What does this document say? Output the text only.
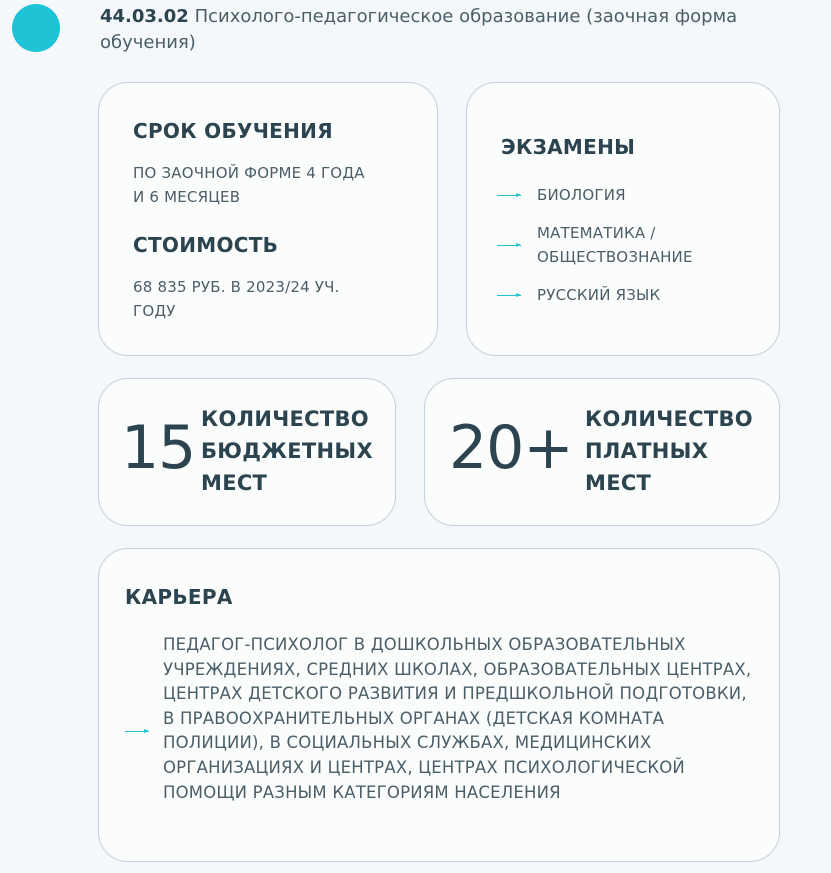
44.03.02 Психолого-педагогическое образование (заочная форма обучения)
СРОК ОБУЧЕНИЯ
ПО ЗАОЧНОЙ ФОРМЕ 4 ГОДА И 6 МЕСЯЦЕВ
СТОИМОСТЬ
68 835 РУБ. В 2023/24 УЧ. ГОДУ
ЭКЗАМЕНЫ
БИОЛОГИЯ
МАТЕМАТИКА / ОБЩЕСТВОЗНАНИЕ
РУССКИЙ ЯЗЫК
15 КОЛИЧЕСТВО БЮДЖЕТНЫХ МЕСТ	20+ КОЛИЧЕСТВО ПЛАТНЫХ МЕСТ
КАРЬЕРА
ПЕДАГОГ-ПСИХОЛОГ В ДОШКОЛЬНЫХ ОБРАЗОВАТЕЛЬНЫХ УЧРЕЖДЕНИЯХ, СРЕДНИХ ШКОЛАХ, ОБРАЗОВАТЕЛЬНЫХ ЦЕНТРАХ, ЦЕНТРАХ ДЕТСКОГО РАЗВИТИЯ И ПРЕДШКОЛЬНОЙ ПОДГОТОВКИ, В ПРАВООХРАНИТЕЛЬНЫХ ОРГАНАХ (ДЕТСКАЯ КОМНАТА ПОЛИЦИИ), В СОЦИАЛЬНЫХ СЛУЖБАХ, МЕДИЦИНСКИХ ОРГАНИЗАЦИЯХ И ЦЕНТРАХ, ЦЕНТРАХ ПСИХОЛОГИЧЕСКОЙ ПОМОЩИ РАЗНЫМ КАТЕГОРИЯМ НАСЕЛЕНИЯ
